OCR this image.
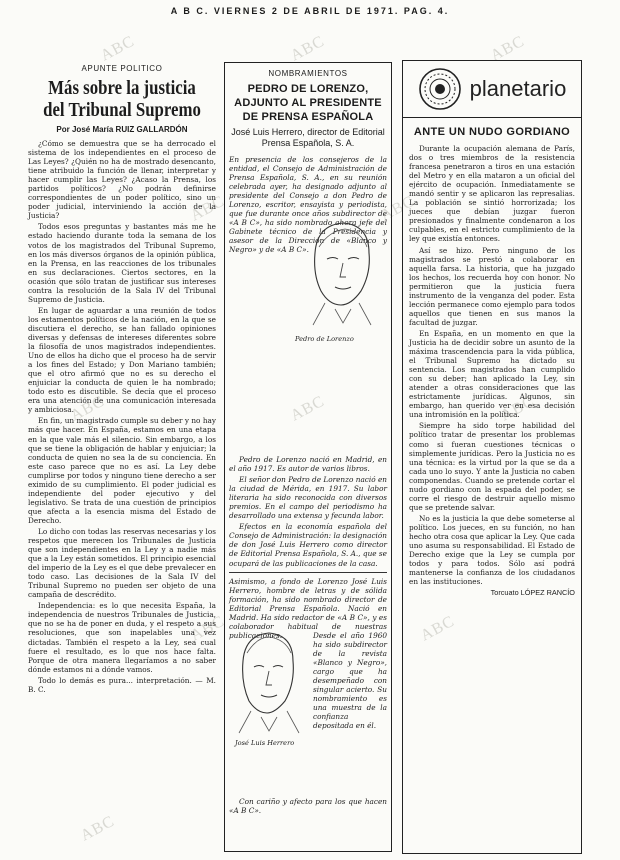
A B C. VIERNES 2 DE ABRIL DE 1971. PAG. 4.
ABC	ABC	ABC
ABC	ABC
ABC	ABC	ABC
ABC	ABC
ABC
APUNTE POLITICO
Más sobre la justicia del Tribunal Supremo
Por José María RUIZ GALLARDÓN

¿Cómo se demuestra que se ha derrocado el sistema de los independientes en el proceso de Las Leyes? ¿Quién no ha de mostrado desencanto, tiene atribuido la función de llenar, interpretar y hacer cumplir las Leyes? ¿Acaso la Prensa, los partidos políticos? ¿No podrán definirse correspondientes de un poder político, sino un poder judicial, interviniendo la acción de la Justicia?

Todos esos preguntas y bastantes más me he estado haciendo durante toda la semana de los votos de los magistrados del Tribunal Supremo, en los más diversos órganos de la opinión pública, en la Prensa, en las reacciones de los tribunales en sus declaraciones. Ciertos sectores, en la ocasión que sólo tratan de justificar sus intereses contra la resolución de la Sala IV del Tribunal Supremo de Justicia.

En lugar de aguardar a una reunión de todos los estamentos políticos de la nación, en la que se discutiera el derecho, se han fallado opiniones diversas y defensas de intereses diferentes sobre la filosofía de unos magistrados independientes. Uno de ellos ha dicho que el proceso ha de servir a los fines del Estado; y Don Mariano también; que el otro afirmó que no es su derecho el enjuiciar la conducta de quien le ha nombrado; todo esto es discutible. Se decía que el proceso era una atención de una comunicación interesada y ambiciosa.

En fin, un magistrado cumple su deber y no hay más que hacer. En España, estamos en una etapa en la que vale más el silencio. Sin embargo, a los que se tiene la obligación de hablar y enjuiciar; la conducta de quien no sea la de su conciencia. En este caso parece que no es así. La Ley debe cumplirse por todos y ninguno tiene derecho a ser eximido de su cumplimiento. El poder judicial es independiente del poder ejecutivo y del legislativo. Se trata de una cuestión de principios que afecta a la esencia misma del Estado de Derecho.

Lo dicho con todas las reservas necesarias y los respetos que merecen los Tribunales de Justicia que son independientes en la Ley y a nadie más que a la Ley están sometidos. El principio esencial del imperio de la Ley es el que debe prevalecer en todo caso. Las decisiones de la Sala IV del Tribunal Supremo no pueden ser objeto de una campaña de descrédito.

Independencia: es lo que necesita España, la independencia de nuestros Tribunales de Justicia, que no se ha de poner en duda, y el respeto a sus resoluciones, que son inapelables una vez dictadas. También el respeto a la Ley, sea cual fuere el resultado, es lo que nos hace falta. Porque de otra manera llegaríamos a no saber dónde estamos ni a dónde vamos.

Todo lo demás es pura... interpretación. — M. B. C.

NOMBRAMIENTOS
PEDRO DE LORENZO, ADJUNTO AL PRESIDENTE DE PRENSA ESPAÑOLA
José Luis Herrero, director de Editorial Prensa Española, S. A.

En presencia de los consejeros de la entidad, el Consejo de Administración de Prensa Española, S. A., en su reunión celebrada ayer, ha designado adjunto al presidente del Consejo a don Pedro de Lorenzo, escritor, ensayista y periodista, que fue durante once años subdirector de «A B C», ha sido nombrado ahora jefe del Gabinete técnico de la Presidencia y asesor de la Dirección de «Blanco y Negro» y de «A B C».

Pedro de Lorenzo

Pedro de Lorenzo nació en Madrid, en el año 1917. Es autor de varios libros.

El señor don Pedro de Lorenzo nació en la ciudad de Mérida, en 1917. Su labor literaria ha sido reconocida con diversos premios. En el campo del periodismo ha desarrollado una extensa y fecunda labor.

Efectos en la economía española del Consejo de Administración: la designación de don José Luis Herrero como director de Editorial Prensa Española, S. A., que se ocupará de las publicaciones de la casa.

Asimismo, a fondo de Lorenzo José Luis Herrero, hombre de letras y de sólida formación, ha sido nombrado director de Editorial Prensa Española. Nació en Madrid. Ha sido redactor de «A B C», y es colaborador habitual de nuestras publicaciones.

José Luis Herrero

Desde el año 1960 ha sido subdirector de la revista «Blanco y Negro», cargo que ha desempeñado con singular acierto. Su nombramiento es una muestra de la confianza depositada en él.

Con cariño y afecto para los que hacen «A B C».

planetario
ANTE UN NUDO GORDIANO

Durante la ocupación alemana de París, dos o tres miembros de la resistencia francesa penetraron a tiros en una estación del Metro y en ella mataron a un oficial del ejército de ocupación. Inmediatamente se mandó sentir y se aplicaron las represalias. La población se sintió horrorizada; los jueces que debían juzgar fueron presionados y finalmente condenaron a los culpables, en el estricto cumplimiento de la ley que existía entonces.

Así se hizo. Pero ninguno de los magistrados se prestó a colaborar en aquella farsa. La historia, que ha juzgado los hechos, los recuerda hoy con honor. No permitieron que la justicia fuera instrumento de la venganza del poder. Esta lección permanece como ejemplo para todos aquellos que tienen en sus manos la facultad de juzgar.

En España, en un momento en que la Justicia ha de decidir sobre un asunto de la máxima trascendencia para la vida pública, el Tribunal Supremo ha dictado su sentencia. Los magistrados han cumplido con su deber; han aplicado la Ley, sin atender a otras consideraciones que las estrictamente jurídicas. Algunos, sin embargo, han querido ver en esa decisión una intromisión en la política.

Siempre ha sido torpe habilidad del político tratar de presentar los problemas como si fueran cuestiones técnicas o simplemente jurídicas. Pero la Justicia no es una técnica: es la virtud por la que se da a cada uno lo suyo. Y ante la Justicia no caben componendas. Cuando se pretende cortar el nudo gordiano con la espada del poder, se corre el riesgo de destruir aquello mismo que se pretende salvar.

No es la justicia la que debe someterse al político. Los jueces, en su función, no han hecho otra cosa que aplicar la Ley. Que cada uno asuma su responsabilidad. El Estado de Derecho exige que la Ley se cumpla por todos y para todos. Sólo así podrá mantenerse la confianza de los ciudadanos en las instituciones.

Torcuato LÓPEZ RANCÍO
